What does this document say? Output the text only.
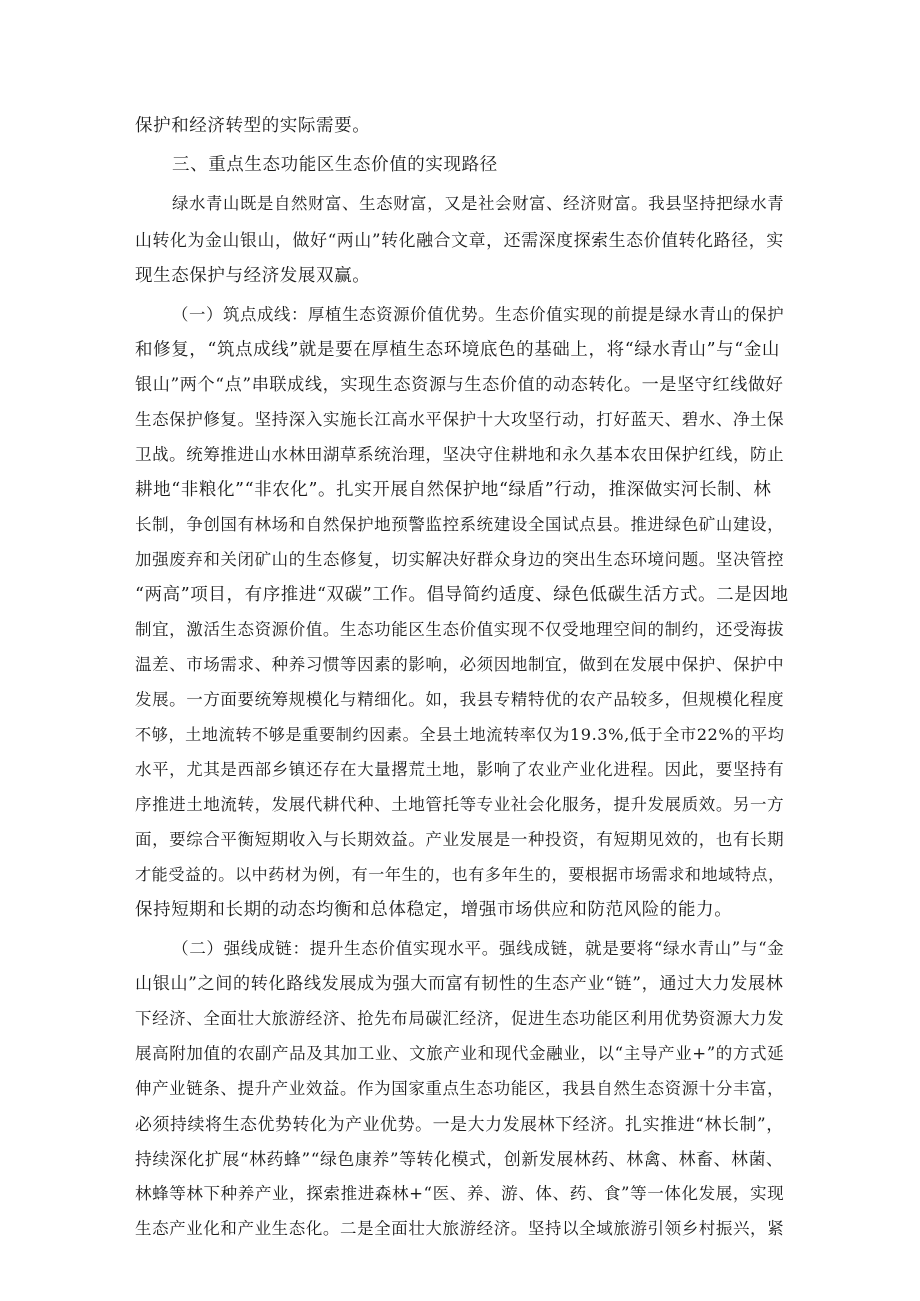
保护和经济转型的实际需要。
三、重点生态功能区生态价值的实现路径
绿水青山既是自然财富、生态财富，又是社会财富、经济财富。我县坚持把绿水青
山转化为金山银山，做好“两山”转化融合文章，还需深度探索生态价值转化路径，实
现生态保护与经济发展双赢。
（一）筑点成线：厚植生态资源价值优势。生态价值实现的前提是绿水青山的保护
和修复，“筑点成线”就是要在厚植生态环境底色的基础上，将“绿水青山”与“金山
银山”两个“点”串联成线，实现生态资源与生态价值的动态转化。一是坚守红线做好
生态保护修复。坚持深入实施长江高水平保护十大攻坚行动，打好蓝天、碧水、净土保
卫战。统筹推进山水林田湖草系统治理，坚决守住耕地和永久基本农田保护红线，防止
耕地“非粮化”“非农化”。扎实开展自然保护地“绿盾”行动，推深做实河长制、林
长制，争创国有林场和自然保护地预警监控系统建设全国试点县。推进绿色矿山建设，
加强废弃和关闭矿山的生态修复，切实解决好群众身边的突出生态环境问题。坚决管控
“两高”项目，有序推进“双碳”工作。倡导简约适度、绿色低碳生活方式。二是因地
制宜，激活生态资源价值。生态功能区生态价值实现不仅受地理空间的制约，还受海拔
温差、市场需求、种养习惯等因素的影响，必须因地制宜，做到在发展中保护、保护中
发展。一方面要统筹规模化与精细化。如，我县专精特优的农产品较多，但规模化程度
不够，土地流转不够是重要制约因素。全县土地流转率仅为19.3%,低于全市22%的平均
水平，尤其是西部乡镇还存在大量撂荒土地，影响了农业产业化进程。因此，要坚持有
序推进土地流转，发展代耕代种、土地管托等专业社会化服务，提升发展质效。另一方
面，要综合平衡短期收入与长期效益。产业发展是一种投资，有短期见效的，也有长期
才能受益的。以中药材为例，有一年生的，也有多年生的，要根据市场需求和地域特点，
保持短期和长期的动态均衡和总体稳定，增强市场供应和防范风险的能力。
（二）强线成链：提升生态价值实现水平。强线成链，就是要将“绿水青山”与“金
山银山”之间的转化路线发展成为强大而富有韧性的生态产业“链”，通过大力发展林
下经济、全面壮大旅游经济、抢先布局碳汇经济，促进生态功能区利用优势资源大力发
展高附加值的农副产品及其加工业、文旅产业和现代金融业，以“主导产业+”的方式延
伸产业链条、提升产业效益。作为国家重点生态功能区，我县自然生态资源十分丰富，
必须持续将生态优势转化为产业优势。一是大力发展林下经济。扎实推进“林长制”，
持续深化扩展“林药蜂”“绿色康养”等转化模式，创新发展林药、林禽、林畜、林菌、
林蜂等林下种养产业，探索推进森林+“医、养、游、体、药、食”等一体化发展，实现
生态产业化和产业生态化。二是全面壮大旅游经济。坚持以全域旅游引领乡村振兴，紧
